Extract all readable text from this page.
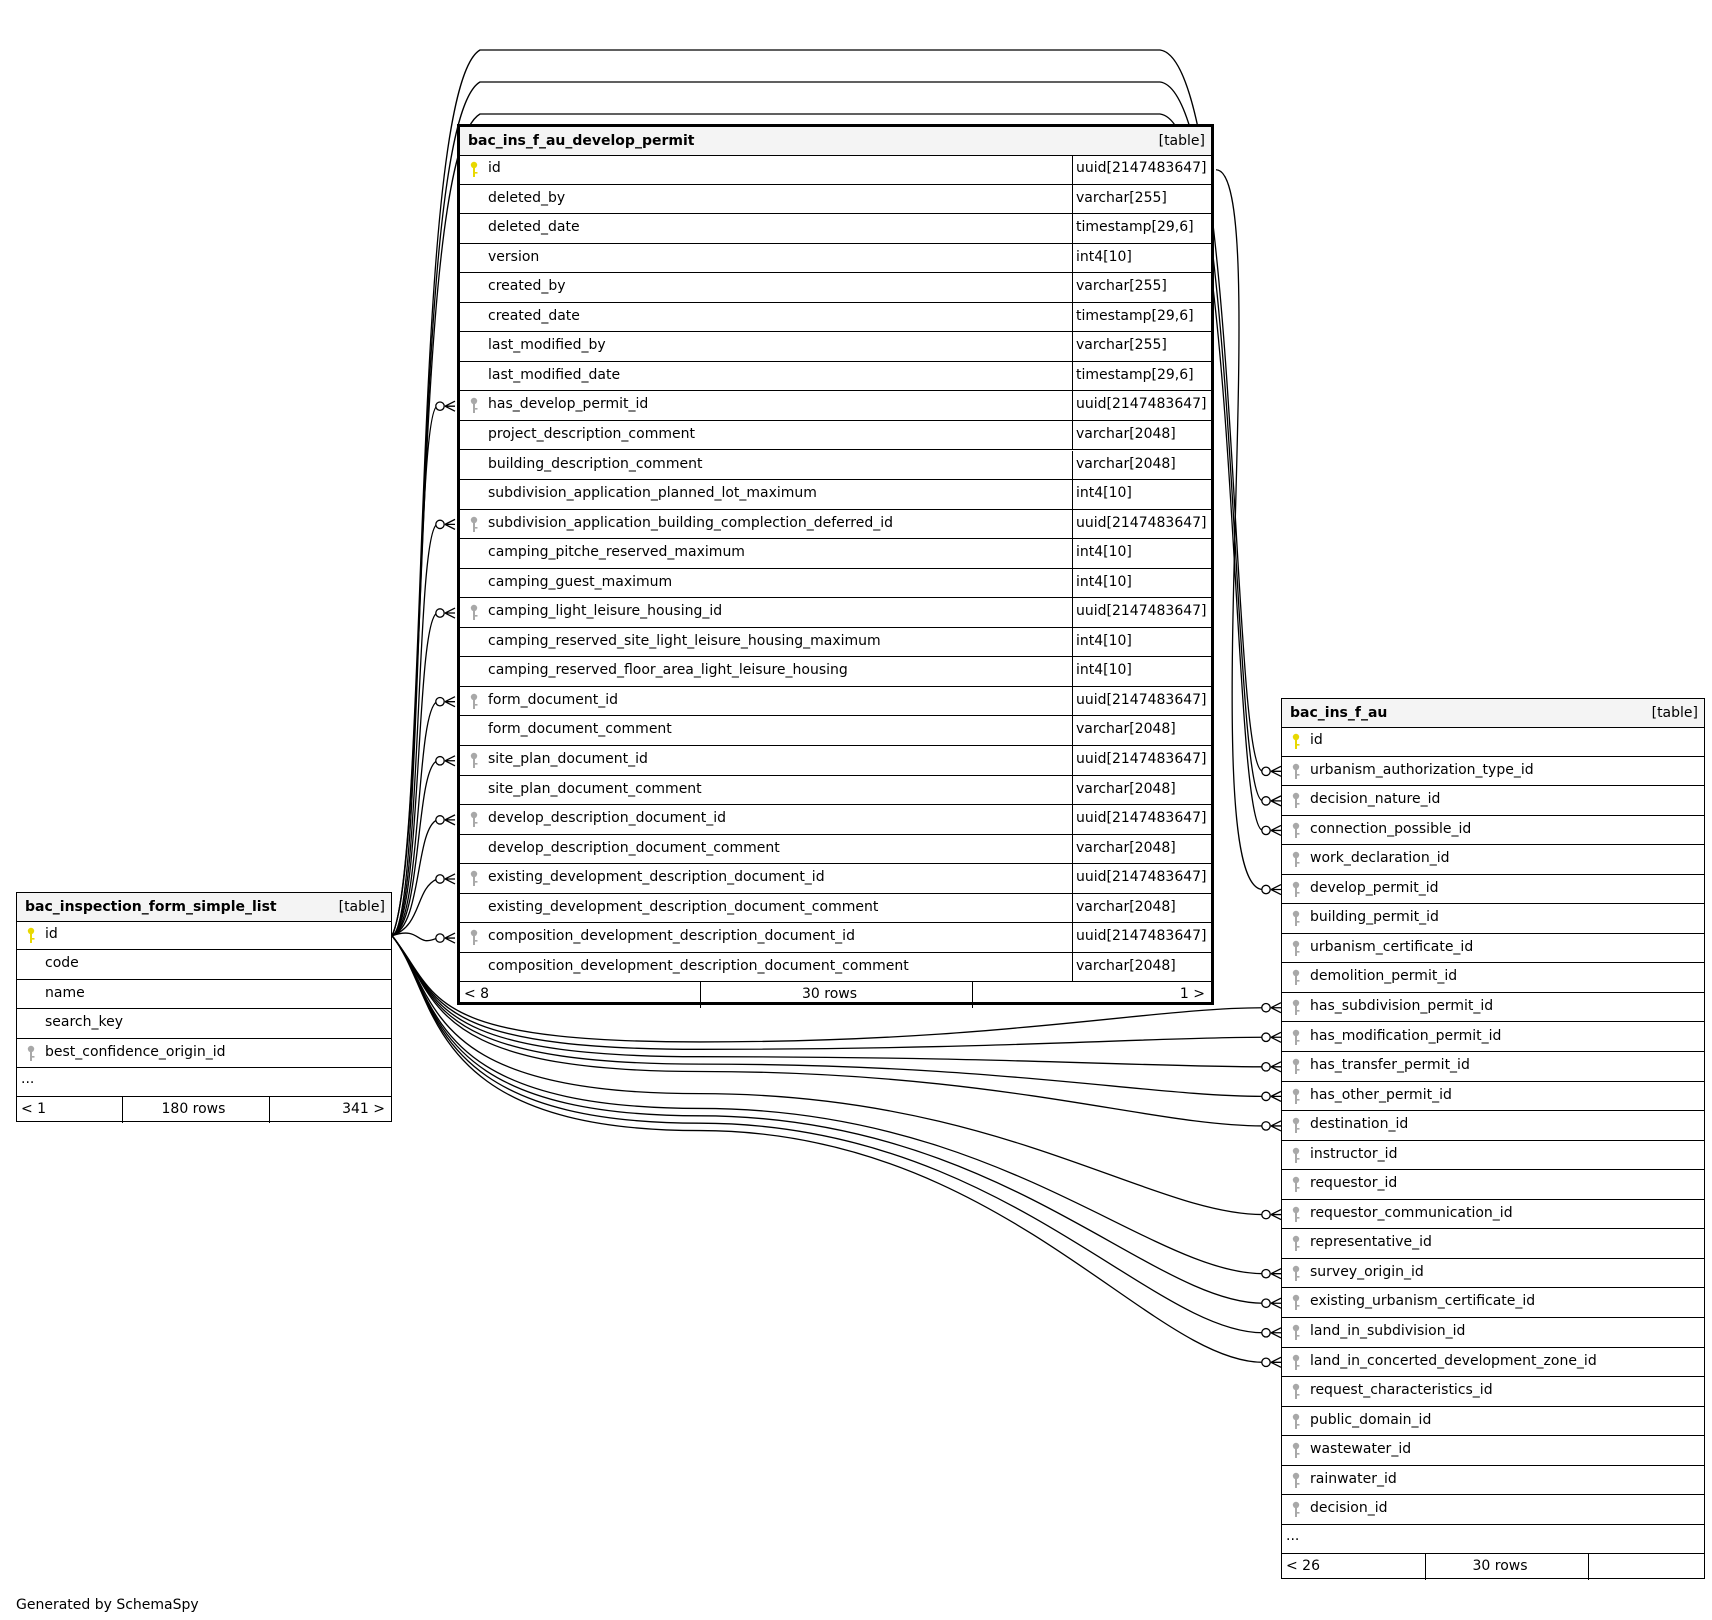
bac_ins_f_au_develop_permit	[table]
id	uuid[2147483647]
deleted_by	varchar[255]
deleted_date	timestamp[29,6]
version	int4[10]
created_by	varchar[255]
created_date	timestamp[29,6]
last_modified_by	varchar[255]
last_modified_date	timestamp[29,6]
has_develop_permit_id	uuid[2147483647]
project_description_comment	varchar[2048]
building_description_comment	varchar[2048]
subdivision_application_planned_lot_maximum	int4[10]
subdivision_application_building_complection_deferred_id	uuid[2147483647]
camping_pitche_reserved_maximum	int4[10]
camping_guest_maximum	int4[10]
camping_light_leisure_housing_id	uuid[2147483647]
camping_reserved_site_light_leisure_housing_maximum	int4[10]
camping_reserved_floor_area_light_leisure_housing	int4[10]
form_document_id	uuid[2147483647]
form_document_comment	varchar[2048]
site_plan_document_id	uuid[2147483647]
site_plan_document_comment	varchar[2048]
develop_description_document_id	uuid[2147483647]
develop_description_document_comment	varchar[2048]
existing_development_description_document_id	uuid[2147483647]
existing_development_description_document_comment	varchar[2048]
composition_development_description_document_id	uuid[2147483647]
composition_development_description_document_comment	varchar[2048]
< 8	30 rows	1 >
bac_inspection_form_simple_list	[table]
id
code
name
search_key
best_confidence_origin_id
...
< 1	180 rows	341 >
bac_ins_f_au	[table]
id
urbanism_authorization_type_id
decision_nature_id
connection_possible_id
work_declaration_id
develop_permit_id
building_permit_id
urbanism_certificate_id
demolition_permit_id
has_subdivision_permit_id
has_modification_permit_id
has_transfer_permit_id
has_other_permit_id
destination_id
instructor_id
requestor_id
requestor_communication_id
representative_id
survey_origin_id
existing_urbanism_certificate_id
land_in_subdivision_id
land_in_concerted_development_zone_id
request_characteristics_id
public_domain_id
wastewater_id
rainwater_id
decision_id
...
< 26	30 rows
Generated by SchemaSpy
